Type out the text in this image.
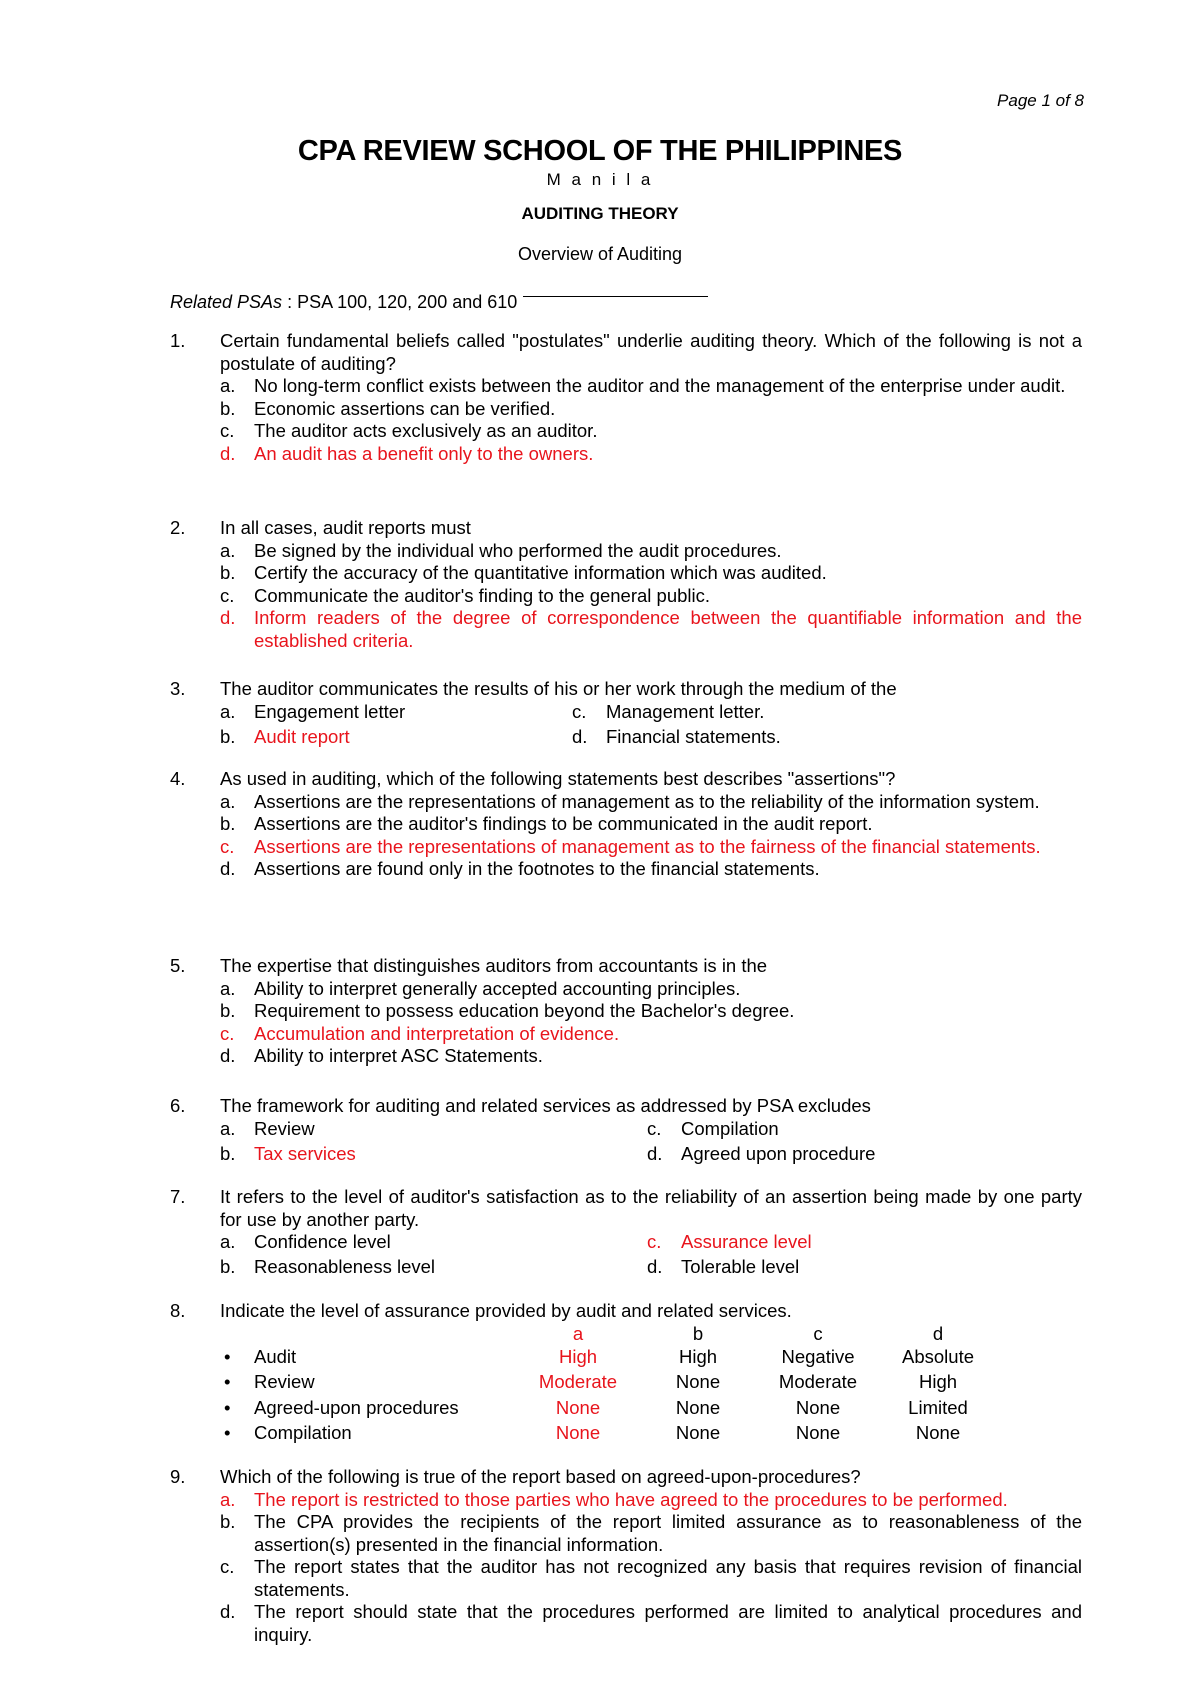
Page 1 of 8
CPA REVIEW SCHOOL OF THE PHILIPPINES
M a n i l a
AUDITING THEORY
Overview of Auditing
Related PSAs : PSA 100, 120, 200 and 610
1. Certain fundamental beliefs called "postulates" underlie auditing theory. Which of the following is not a postulate of auditing?
a. No long-term conflict exists between the auditor and the management of the enterprise under audit.
b. Economic assertions can be verified.
c. The auditor acts exclusively as an auditor.
d. An audit has a benefit only to the owners.
2. In all cases, audit reports must
a. Be signed by the individual who performed the audit procedures.
b. Certify the accuracy of the quantitative information which was audited.
c. Communicate the auditor's finding to the general public.
d. Inform readers of the degree of correspondence between the quantifiable information and the established criteria.
3. The auditor communicates the results of his or her work through the medium of the
a. Engagement letter	c. Management letter.
b. Audit report	d. Financial statements.
4. As used in auditing, which of the following statements best describes "assertions"?
a. Assertions are the representations of management as to the reliability of the information system.
b. Assertions are the auditor's findings to be communicated in the audit report.
c. Assertions are the representations of management as to the fairness of the financial statements.
d. Assertions are found only in the footnotes to the financial statements.
5. The expertise that distinguishes auditors from accountants is in the
a. Ability to interpret generally accepted accounting principles.
b. Requirement to possess education beyond the Bachelor's degree.
c. Accumulation and interpretation of evidence.
d. Ability to interpret ASC Statements.
6. The framework for auditing and related services as addressed by PSA excludes
a. Review	c. Compilation
b. Tax services	d. Agreed upon procedure
7. It refers to the level of auditor's satisfaction as to the reliability of an assertion being made by one party for use by another party.
a. Confidence level	c. Assurance level
b. Reasonableness level	d. Tolerable level
8. Indicate the level of assurance provided by audit and related services.
a	b	c	d
• Audit	High	High	Negative	Absolute
• Review	Moderate	None	Moderate	High
• Agreed-upon procedures	None	None	None	Limited
• Compilation	None	None	None	None
9. Which of the following is true of the report based on agreed-upon-procedures?
a. The report is restricted to those parties who have agreed to the procedures to be performed.
b. The CPA provides the recipients of the report limited assurance as to reasonableness of the assertion(s) presented in the financial information.
c. The report states that the auditor has not recognized any basis that requires revision of financial statements.
d. The report should state that the procedures performed are limited to analytical procedures and inquiry.
